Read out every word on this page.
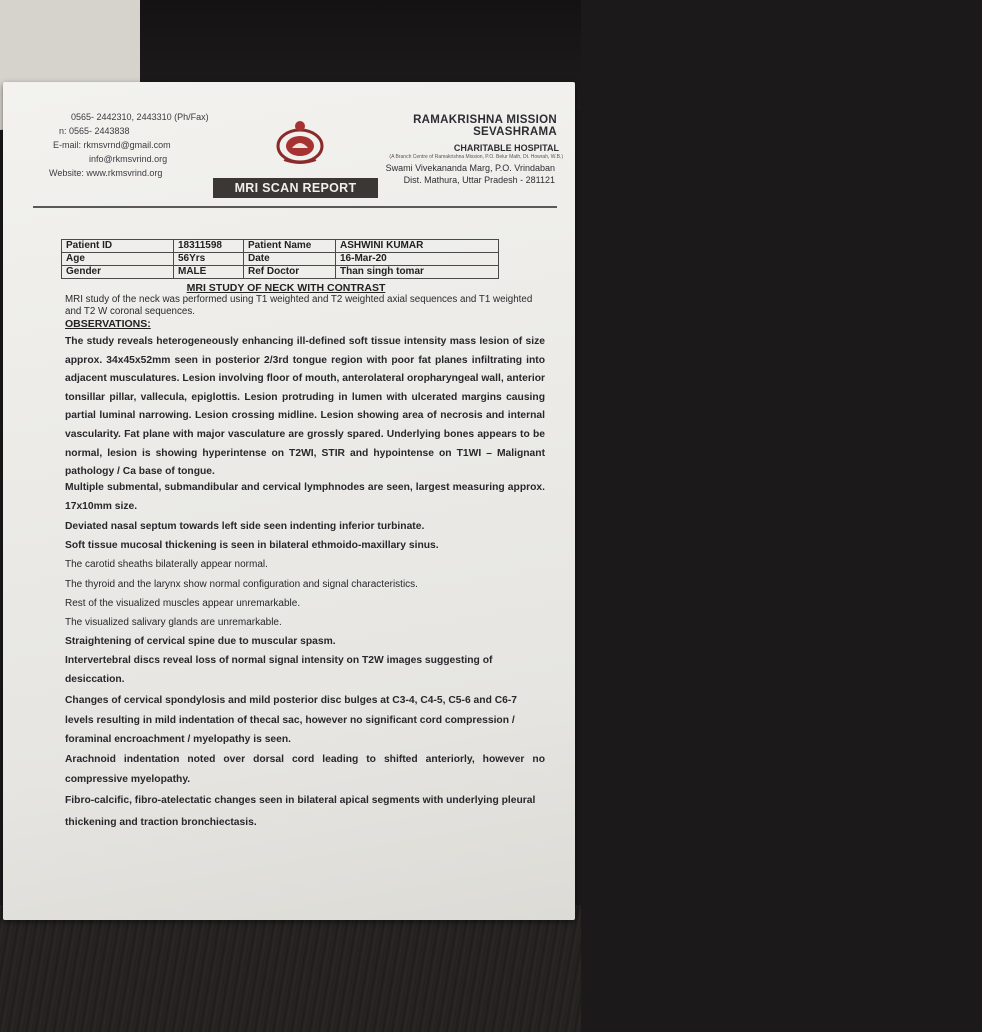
​
0565- 2442310, 2443310 (Ph/Fax)
n: 0565- 2443838
E-mail: rkmsvrnd@gmail.com
info@rkmsvrind.org
Website: www.rkmsvrind.org
RAMAKRISHNA MISSION SEVASHRAMA
CHARITABLE HOSPITAL
(A Branch Centre of Ramakrishna Mission, P.O. Belur Math, Dt. Howrah, W.B.)
Swami Vivekananda Marg, P.O. Vrindaban
Dist. Mathura, Uttar Pradesh - 281121
MRI SCAN REPORT
Patient ID	18311598	Patient Name	ASHWINI KUMAR
Age	56Yrs	Date	16-Mar-20
Gender	MALE	Ref Doctor	Than singh tomar
MRI STUDY OF NECK WITH CONTRAST
MRI study of the neck was performed using T1 weighted and T2 weighted axial sequences and T1 weighted and T2 W coronal sequences.
OBSERVATIONS:
The study reveals heterogeneously enhancing ill-defined soft tissue intensity mass lesion of size approx. 34x45x52mm seen in posterior 2/3rd tongue region with poor fat planes infiltrating into adjacent musculatures. Lesion involving floor of mouth, anterolateral oropharyngeal wall, anterior tonsillar pillar, vallecula, epiglottis. Lesion protruding in lumen with ulcerated margins causing partial luminal narrowing. Lesion crossing midline. Lesion showing area of necrosis and internal vascularity. Fat plane with major vasculature are grossly spared. Underlying bones appears to be normal, lesion is showing hyperintense on T2WI, STIR and hypointense on T1WI – Malignant pathology / Ca base of tongue.
Multiple submental, submandibular and cervical lymphnodes are seen, largest measuring approx. 17x10mm size.
Deviated nasal septum towards left side seen indenting inferior turbinate.
Soft tissue mucosal thickening is seen in bilateral ethmoido-maxillary sinus.
The carotid sheaths bilaterally appear normal.
The thyroid and the larynx show normal configuration and signal characteristics.
Rest of the visualized muscles appear unremarkable.
The visualized salivary glands are unremarkable.
Straightening of cervical spine due to muscular spasm.
Intervertebral discs reveal loss of normal signal intensity on T2W images suggesting of desiccation.
Changes of cervical spondylosis and mild posterior disc bulges at C3-4, C4-5, C5-6 and C6-7 levels resulting in mild indentation of thecal sac, however no significant cord compression / foraminal encroachment / myelopathy is seen.
Arachnoid indentation noted over dorsal cord leading to shifted anteriorly, however no compressive myelopathy.
Fibro-calcific, fibro-atelectatic changes seen in bilateral apical segments with underlying pleural thickening and traction bronchiectasis.
